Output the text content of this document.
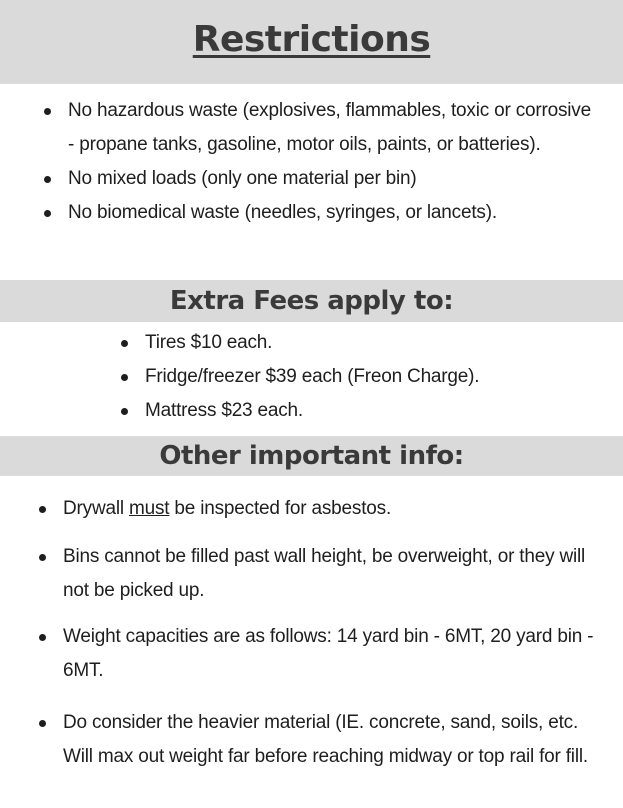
Restrictions
No hazardous waste (explosives, flammables, toxic or corrosive - propane tanks, gasoline, motor oils, paints, or batteries).
No mixed loads (only one material per bin)
No biomedical waste (needles, syringes, or lancets).
Extra Fees apply to:
Tires $10 each.
Fridge/freezer $39 each (Freon Charge).
Mattress $23 each.
Other important info:
Drywall must be inspected for asbestos.
Bins cannot be filled past wall height, be overweight, or they will not be picked up.
Weight capacities are as follows: 14 yard bin - 6MT, 20 yard bin - 6MT.
Do consider the heavier material (IE. concrete, sand, soils, etc. Will max out weight far before reaching midway or top rail for fill.
